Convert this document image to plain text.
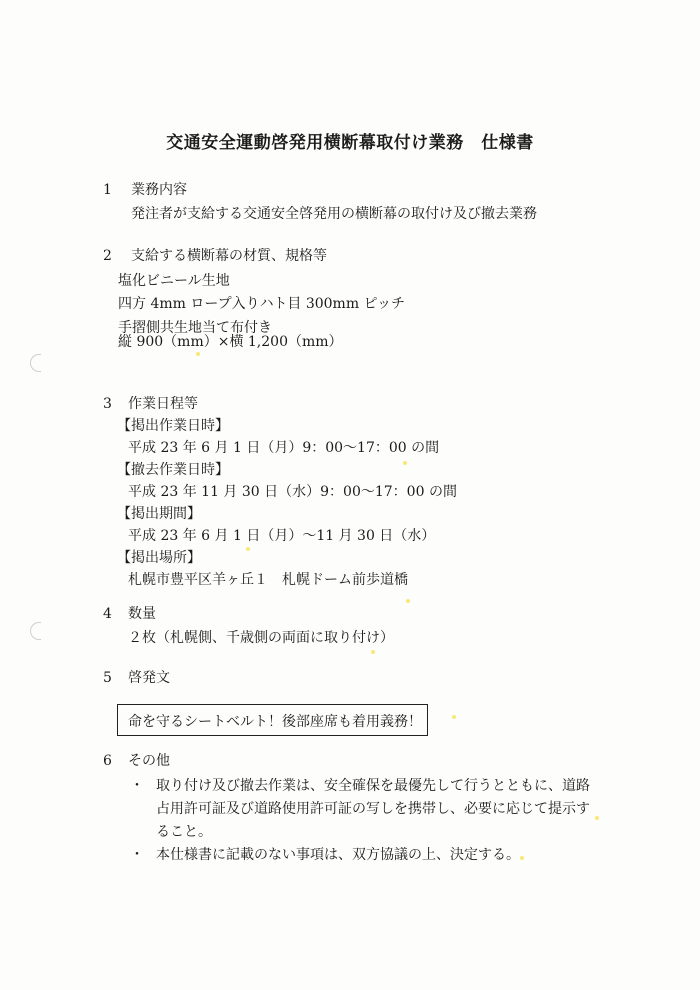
交通安全運動啓発用横断幕取付け業務　仕様書
1 業務内容
発注者が支給する交通安全啓発用の横断幕の取付け及び撤去業務
2 支給する横断幕の材質、規格等
塩化ビニール生地
四方 4mm ロープ入りハト目 300mm ピッチ
手摺側共生地当て布付き
縦 900（mm）×横 1,200（mm）
3 作業日程等
【掲出作業日時】
平成 23 年 6 月 1 日（月）9：00～17：00 の間
【撤去作業日時】
平成 23 年 11 月 30 日（水）9：00～17：00 の間
【掲出期間】
平成 23 年 6 月 1 日（月）～11 月 30 日（水）
【掲出場所】
札幌市豊平区羊ヶ丘１　札幌ドーム前歩道橋
4 数量
２枚（札幌側、千歳側の両面に取り付け）
5 啓発文
命を守るシートベルト！後部座席も着用義務！
6 その他
・ 取り付け及び撤去作業は、安全確保を最優先して行うとともに、道路
占用許可証及び道路使用許可証の写しを携帯し、必要に応じて提示す
ること。
・ 本仕様書に記載のない事項は、双方協議の上、決定する。
